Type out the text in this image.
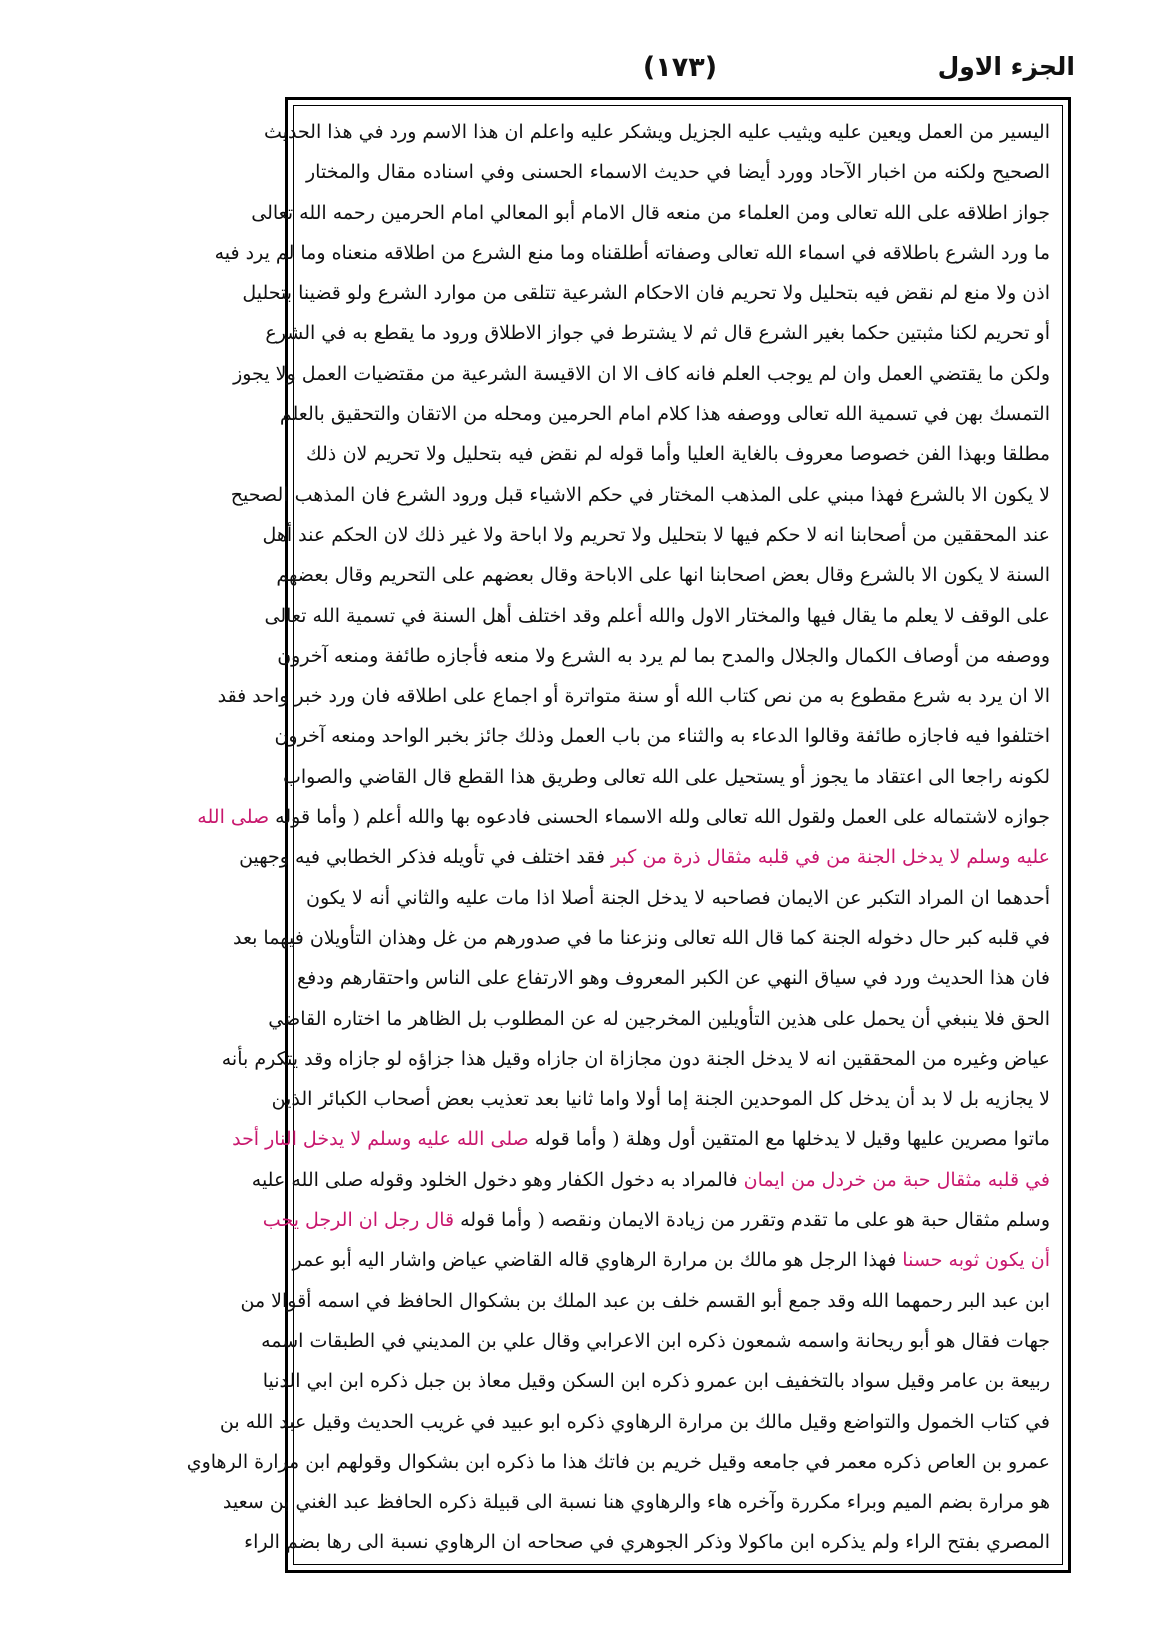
الجزء الاول
(١٧٣)
اليسير من العمل ويعين عليه ويثيب عليه الجزيل ويشكر عليه واعلم ان هذا الاسم ورد في هذا الحديث
الصحيح ولكنه من اخبار الآحاد وورد أيضا في حديث الاسماء الحسنى وفي اسناده مقال والمختار
جواز اطلاقه على الله تعالى ومن العلماء من منعه قال الامام أبو المعالي امام الحرمين رحمه الله تعالى
ما ورد الشرع باطلاقه في اسماء الله تعالى وصفاته أطلقناه وما منع الشرع من اطلاقه منعناه وما لم يرد فيه
اذن ولا منع لم نقض فيه بتحليل ولا تحريم فان الاحكام الشرعية تتلقى من موارد الشرع ولو قضينا بتحليل
أو تحريم لكنا مثبتين حكما بغير الشرع قال ثم لا يشترط في جواز الاطلاق ورود ما يقطع به في الشرع
ولكن ما يقتضي العمل وان لم يوجب العلم فانه كاف الا ان الاقيسة الشرعية من مقتضيات العمل ولا يجوز
التمسك بهن في تسمية الله تعالى ووصفه هذا كلام امام الحرمين ومحله من الاتقان والتحقيق بالعلم
مطلقا وبهذا الفن خصوصا معروف بالغاية العليا وأما قوله لم نقض فيه بتحليل ولا تحريم لان ذلك
لا يكون الا بالشرع فهذا مبني على المذهب المختار في حكم الاشياء قبل ورود الشرع فان المذهب الصحيح
عند المحققين من أصحابنا انه لا حكم فيها لا بتحليل ولا تحريم ولا اباحة ولا غير ذلك لان الحكم عند أهل
السنة لا يكون الا بالشرع وقال بعض اصحابنا انها على الاباحة وقال بعضهم على التحريم وقال بعضهم
على الوقف لا يعلم ما يقال فيها والمختار الاول والله أعلم وقد اختلف أهل السنة في تسمية الله تعالى
ووصفه من أوصاف الكمال والجلال والمدح بما لم يرد به الشرع ولا منعه فأجازه طائفة ومنعه آخرون
الا ان يرد به شرع مقطوع به من نص كتاب الله أو سنة متواترة أو اجماع على اطلاقه فان ورد خبر واحد فقد
اختلفوا فيه فاجازه طائفة وقالوا الدعاء به والثناء من باب العمل وذلك جائز بخبر الواحد ومنعه آخرون
لكونه راجعا الى اعتقاد ما يجوز أو يستحيل على الله تعالى وطريق هذا القطع قال القاضي والصواب
جوازه لاشتماله على العمل ولقول الله تعالى ولله الاسماء الحسنى فادعوه بها والله أعلم ( وأما قوله صلى الله
عليه وسلم لا يدخل الجنة من في قلبه مثقال ذرة من كبر فقد اختلف في تأويله فذكر الخطابي فيه وجهين
أحدهما ان المراد التكبر عن الايمان فصاحبه لا يدخل الجنة أصلا اذا مات عليه والثاني أنه لا يكون
في قلبه كبر حال دخوله الجنة كما قال الله تعالى ونزعنا ما في صدورهم من غل وهذان التأويلان فيهما بعد
فان هذا الحديث ورد في سياق النهي عن الكبر المعروف وهو الارتفاع على الناس واحتقارهم ودفع
الحق فلا ينبغي أن يحمل على هذين التأويلين المخرجين له عن المطلوب بل الظاهر ما اختاره القاضي
عياض وغيره من المحققين انه لا يدخل الجنة دون مجازاة ان جازاه وقيل هذا جزاؤه لو جازاه وقد يتكرم بأنه
لا يجازيه بل لا بد أن يدخل كل الموحدين الجنة إما أولا واما ثانيا بعد تعذيب بعض أصحاب الكبائر الذين
ماتوا مصرين عليها وقيل لا يدخلها مع المتقين أول وهلة ( وأما قوله صلى الله عليه وسلم لا يدخل النار أحد
في قلبه مثقال حبة من خردل من ايمان فالمراد به دخول الكفار وهو دخول الخلود وقوله صلى الله عليه
وسلم مثقال حبة هو على ما تقدم وتقرر من زيادة الايمان ونقصه ( وأما قوله قال رجل ان الرجل يحب
أن يكون ثوبه حسنا فهذا الرجل هو مالك بن مرارة الرهاوي قاله القاضي عياض واشار اليه أبو عمر
ابن عبد البر رحمهما الله وقد جمع أبو القسم خلف بن عبد الملك بن بشكوال الحافظ في اسمه أقوالا من
جهات فقال هو أبو ريحانة واسمه شمعون ذكره ابن الاعرابي وقال علي بن المديني في الطبقات اسمه
ربيعة بن عامر وقيل سواد بالتخفيف ابن عمرو ذكره ابن السكن وقيل معاذ بن جبل ذكره ابن ابي الدنيا
في كتاب الخمول والتواضع وقيل مالك بن مرارة الرهاوي ذكره ابو عبيد في غريب الحديث وقيل عبد الله بن
عمرو بن العاص ذكره معمر في جامعه وقيل خريم بن فاتك هذا ما ذكره ابن بشكوال وقولهم ابن مرارة الرهاوي
هو مرارة بضم الميم وبراء مكررة وآخره هاء والرهاوي هنا نسبة الى قبيلة ذكره الحافظ عبد الغني بن سعيد
المصري بفتح الراء ولم يذكره ابن ماكولا وذكر الجوهري في صحاحه ان الرهاوي نسبة الى رها بضم الراء
